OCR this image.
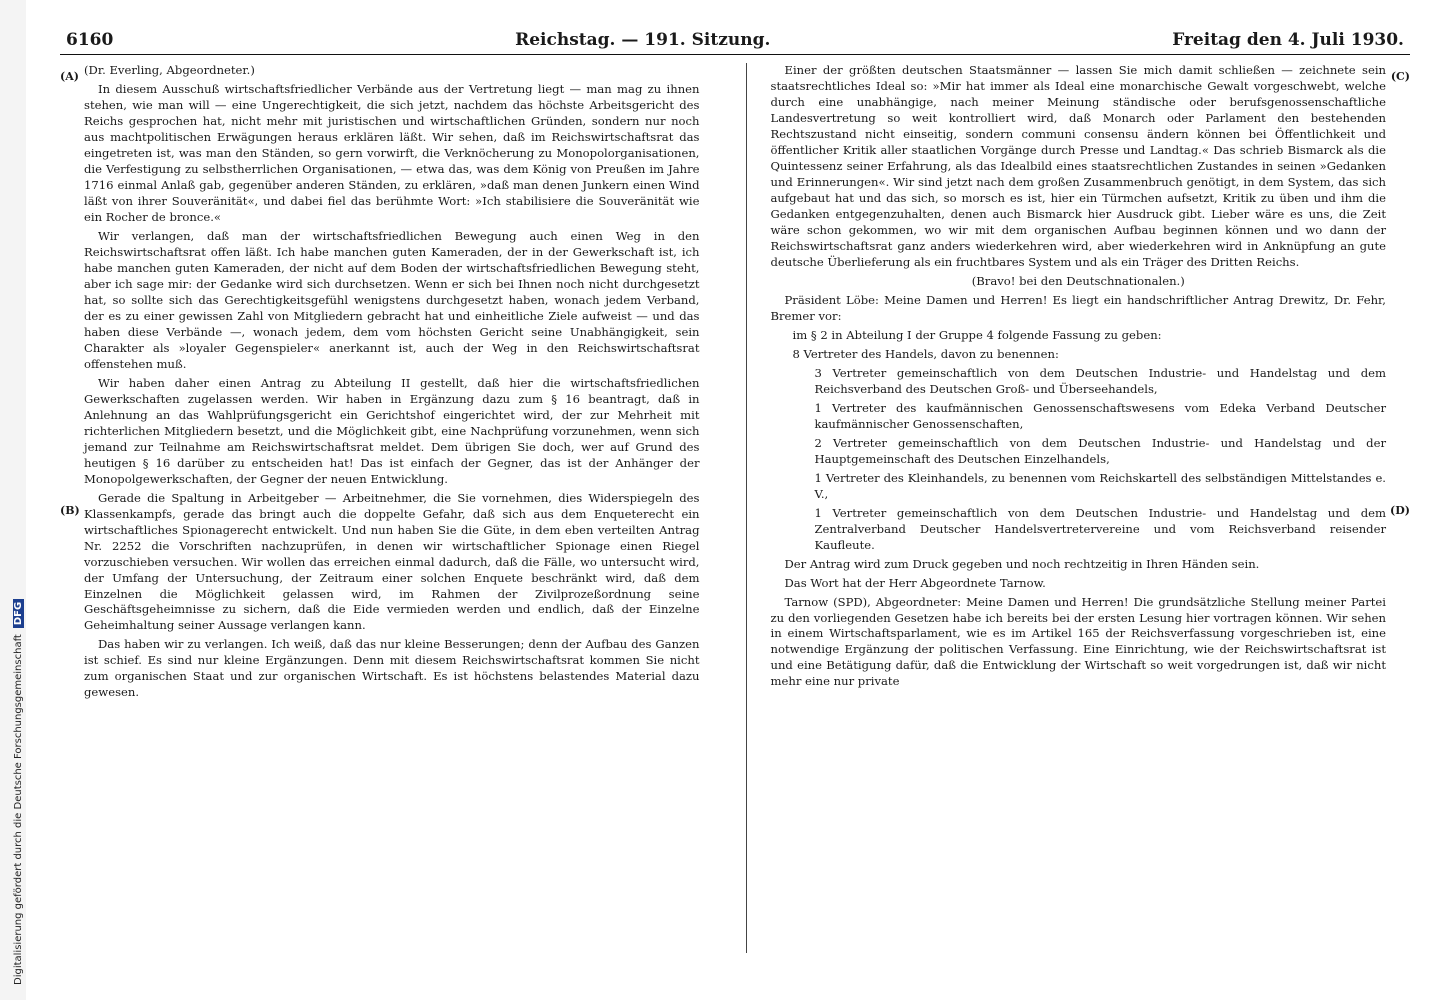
Digitalisierung gefördert durch die Deutsche ForschungsgemeinschaftDFG
6160	Reichstag. — 191. Sitzung.	Freitag den 4. Juli 1930.
(A)
(B)

(Dr. Everling, Abgeordneter.)

In diesem Ausschuß wirtschaftsfriedlicher Verbände aus der Vertretung liegt — man mag zu ihnen stehen, wie man will — eine Ungerechtigkeit, die sich jetzt, nachdem das höchste Arbeitsgericht des Reichs gesprochen hat, nicht mehr mit juristischen und wirtschaftlichen Gründen, sondern nur noch aus machtpolitischen Erwägungen heraus erklären läßt. Wir sehen, daß im Reichswirtschaftsrat das eingetreten ist, was man den Ständen, so gern vorwirft, die Verknöcherung zu Monopolorganisationen, die Verfestigung zu selbstherrlichen Organisationen, — etwa das, was dem König von Preußen im Jahre 1716 einmal Anlaß gab, gegenüber anderen Ständen, zu erklären, »daß man denen Junkern einen Wind läßt von ihrer Souveränität«, und dabei fiel das berühmte Wort: »Ich stabilisiere die Souveränität wie ein Rocher de bronce.«

Wir verlangen, daß man der wirtschaftsfriedlichen Bewegung auch einen Weg in den Reichswirtschaftsrat offen läßt. Ich habe manchen guten Kameraden, der in der Gewerkschaft ist, ich habe manchen guten Kameraden, der nicht auf dem Boden der wirtschaftsfriedlichen Bewegung steht, aber ich sage mir: der Gedanke wird sich durchsetzen. Wenn er sich bei Ihnen noch nicht durchgesetzt hat, so sollte sich das Gerechtigkeitsgefühl wenigstens durchgesetzt haben, wonach jedem Verband, der es zu einer gewissen Zahl von Mitgliedern gebracht hat und einheitliche Ziele aufweist — und das haben diese Verbände —, wonach jedem, dem vom höchsten Gericht seine Unabhängigkeit, sein Charakter als »loyaler Gegenspieler« anerkannt ist, auch der Weg in den Reichswirtschaftsrat offenstehen muß.

Wir haben daher einen Antrag zu Abteilung II gestellt, daß hier die wirtschaftsfriedlichen Gewerkschaften zugelassen werden. Wir haben in Ergänzung dazu zum § 16 beantragt, daß in Anlehnung an das Wahlprüfungsgericht ein Gerichtshof eingerichtet wird, der zur Mehrheit mit richterlichen Mitgliedern besetzt, und die Möglichkeit gibt, eine Nachprüfung vorzunehmen, wenn sich jemand zur Teilnahme am Reichswirtschaftsrat meldet. Dem übrigen Sie doch, wer auf Grund des heutigen § 16 darüber zu entscheiden hat! Das ist einfach der Gegner, das ist der Anhänger der Monopolgewerkschaften, der Gegner der neuen Entwicklung.

Gerade die Spaltung in Arbeitgeber — Arbeitnehmer, die Sie vornehmen, dies Widerspiegeln des Klassenkampfs, gerade das bringt auch die doppelte Gefahr, daß sich aus dem Enqueterecht ein wirtschaftliches Spionagerecht entwickelt. Und nun haben Sie die Güte, in dem eben verteilten Antrag Nr. 2252 die Vorschriften nachzuprüfen, in denen wir wirtschaftlicher Spionage einen Riegel vorzuschieben versuchen. Wir wollen das erreichen einmal dadurch, daß die Fälle, wo untersucht wird, der Umfang der Untersuchung, der Zeitraum einer solchen Enquete beschränkt wird, daß dem Einzelnen die Möglichkeit gelassen wird, im Rahmen der Zivilprozeßordnung seine Geschäftsgeheimnisse zu sichern, daß die Eide vermieden werden und endlich, daß der Einzelne Geheimhaltung seiner Aussage verlangen kann.

Das haben wir zu verlangen. Ich weiß, daß das nur kleine Besserungen; denn der Aufbau des Ganzen ist schief. Es sind nur kleine Ergänzungen. Denn mit diesem Reichswirtschaftsrat kommen Sie nicht zum organischen Staat und zur organischen Wirtschaft. Es ist höchstens belastendes Material dazu gewesen.

(C)
(D)

Einer der größten deutschen Staatsmänner — lassen Sie mich damit schließen — zeichnete sein staatsrechtliches Ideal so: »Mir hat immer als Ideal eine monarchische Gewalt vorgeschwebt, welche durch eine unabhängige, nach meiner Meinung ständische oder berufsgenossenschaftliche Landesvertretung so weit kontrolliert wird, daß Monarch oder Parlament den bestehenden Rechtszustand nicht einseitig, sondern communi consensu ändern können bei Öffentlichkeit und öffentlicher Kritik aller staatlichen Vorgänge durch Presse und Landtag.« Das schrieb Bismarck als die Quintessenz seiner Erfahrung, als das Idealbild eines staatsrechtlichen Zustandes in seinen »Gedanken und Erinnerungen«. Wir sind jetzt nach dem großen Zusammenbruch genötigt, in dem System, das sich aufgebaut hat und das sich, so morsch es ist, hier ein Türmchen aufsetzt, Kritik zu üben und ihm die Gedanken entgegenzuhalten, denen auch Bismarck hier Ausdruck gibt. Lieber wäre es uns, die Zeit wäre schon gekommen, wo wir mit dem organischen Aufbau beginnen können und wo dann der Reichswirtschaftsrat ganz anders wiederkehren wird, aber wiederkehren wird in Anknüpfung an gute deutsche Überlieferung als ein fruchtbares System und als ein Träger des Dritten Reichs.

(Bravo! bei den Deutschnationalen.)

Präsident Löbe: Meine Damen und Herren! Es liegt ein handschriftlicher Antrag Drewitz, Dr. Fehr, Bremer vor:

im § 2 in Abteilung I der Gruppe 4 folgende Fassung zu geben:

8 Vertreter des Handels, davon zu benennen:

3 Vertreter gemeinschaftlich von dem Deutschen Industrie- und Handelstag und dem Reichsverband des Deutschen Groß- und Überseehandels,

1 Vertreter des kaufmännischen Genossenschaftswesens vom Edeka Verband Deutscher kaufmännischer Genossenschaften,

2 Vertreter gemeinschaftlich von dem Deutschen Industrie- und Handelstag und der Hauptgemeinschaft des Deutschen Einzelhandels,

1 Vertreter des Kleinhandels, zu benennen vom Reichskartell des selbständigen Mittelstandes e. V.,

1 Vertreter gemeinschaftlich von dem Deutschen Industrie- und Handelstag und dem Zentralverband Deutscher Handelsvertretervereine und vom Reichsverband reisender Kaufleute.

Der Antrag wird zum Druck gegeben und noch rechtzeitig in Ihren Händen sein.

Das Wort hat der Herr Abgeordnete Tarnow.

Tarnow (SPD), Abgeordneter: Meine Damen und Herren! Die grundsätzliche Stellung meiner Partei zu den vorliegenden Gesetzen habe ich bereits bei der ersten Lesung hier vortragen können. Wir sehen in einem Wirtschaftsparlament, wie es im Artikel 165 der Reichsverfassung vorgeschrieben ist, eine notwendige Ergänzung der politischen Verfassung. Eine Einrichtung, wie der Reichswirtschaftsrat ist und eine Betätigung dafür, daß die Entwicklung der Wirtschaft so weit vorgedrungen ist, daß wir nicht mehr eine nur private
